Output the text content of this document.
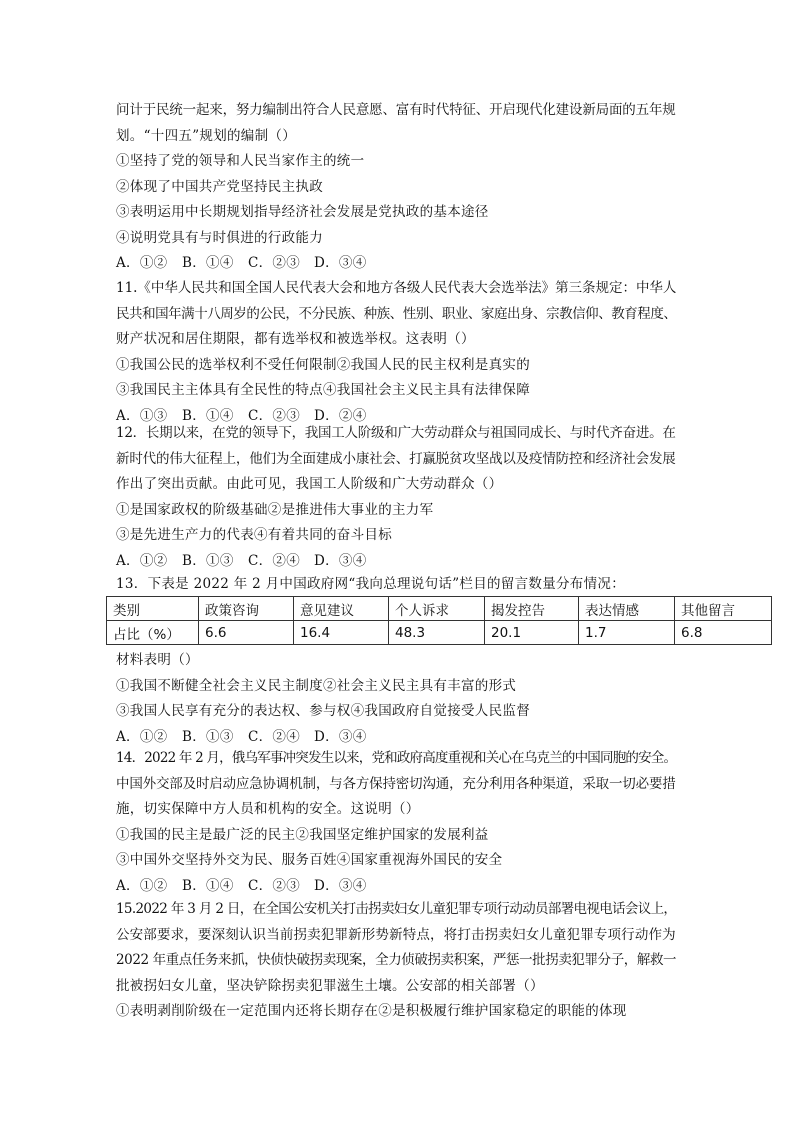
问计于民统一起来，努力编制出符合人民意愿、富有时代特征、开启现代化建设新局面的五年规
划。“十四五”规划的编制（）
①坚持了党的领导和人民当家作主的统一
②体现了中国共产党坚持民主执政
③表明运用中长期规划指导经济社会发展是党执政的基本途径
④说明党具有与时俱进的行政能力
A．①②	B．①④	C．②③	D．③④
11.《中华人民共和国全国人民代表大会和地方各级人民代表大会选举法》第三条规定：中华人
民共和国年满十八周岁的公民，不分民族、种族、性别、职业、家庭出身、宗教信仰、教育程度、
财产状况和居住期限，都有选举权和被选举权。这表明（）
①我国公民的选举权利不受任何限制②我国人民的民主权利是真实的
③我国民主主体具有全民性的特点④我国社会主义民主具有法律保障
A．①③	B．①④	C．②③	D．②④
12．长期以来，在党的领导下，我国工人阶级和广大劳动群众与祖国同成长、与时代齐奋进。在
新时代的伟大征程上，他们为全面建成小康社会、打赢脱贫攻坚战以及疫情防控和经济社会发展
作出了突出贡献。由此可见，我国工人阶级和广大劳动群众（）
①是国家政权的阶级基础②是推进伟大事业的主力军
③是先进生产力的代表④有着共同的奋斗目标
A．①②	B．①③	C．②④	D．③④
13．下表是 2022 年 2 月中国政府网“我向总理说句话”栏目的留言数量分布情况：
类别	政策咨询	意见建议	个人诉求	揭发控告	表达情感	其他留言
占比（%）	6.6	16.4	48.3	20.1	1.7	6.8
材料表明（）
①我国不断健全社会主义民主制度②社会主义民主具有丰富的形式
③我国人民享有充分的表达权、参与权④我国政府自觉接受人民监督
A．①②	B．①③	C．②④	D．③④
14．2022 年 2 月，俄乌军事冲突发生以来，党和政府高度重视和关心在乌克兰的中国同胞的安全。
中国外交部及时启动应急协调机制，与各方保持密切沟通，充分利用各种渠道，采取一切必要措
施，切实保障中方人员和机构的安全。这说明（）
①我国的民主是最广泛的民主②我国坚定维护国家的发展利益
③中国外交坚持外交为民、服务百姓④国家重视海外国民的安全
A．①②	B．①④	C．②③	D．③④
15.2022 年 3 月 2 日，在全国公安机关打击拐卖妇女儿童犯罪专项行动动员部署电视电话会议上，
公安部要求，要深刻认识当前拐卖犯罪新形势新特点，将打击拐卖妇女儿童犯罪专项行动作为
2022 年重点任务来抓，快侦快破拐卖现案，全力侦破拐卖积案，严惩一批拐卖犯罪分子，解救一
批被拐妇女儿童，坚决铲除拐卖犯罪滋生土壤。公安部的相关部署（）
①表明剥削阶级在一定范围内还将长期存在②是积极履行维护国家稳定的职能的体现
